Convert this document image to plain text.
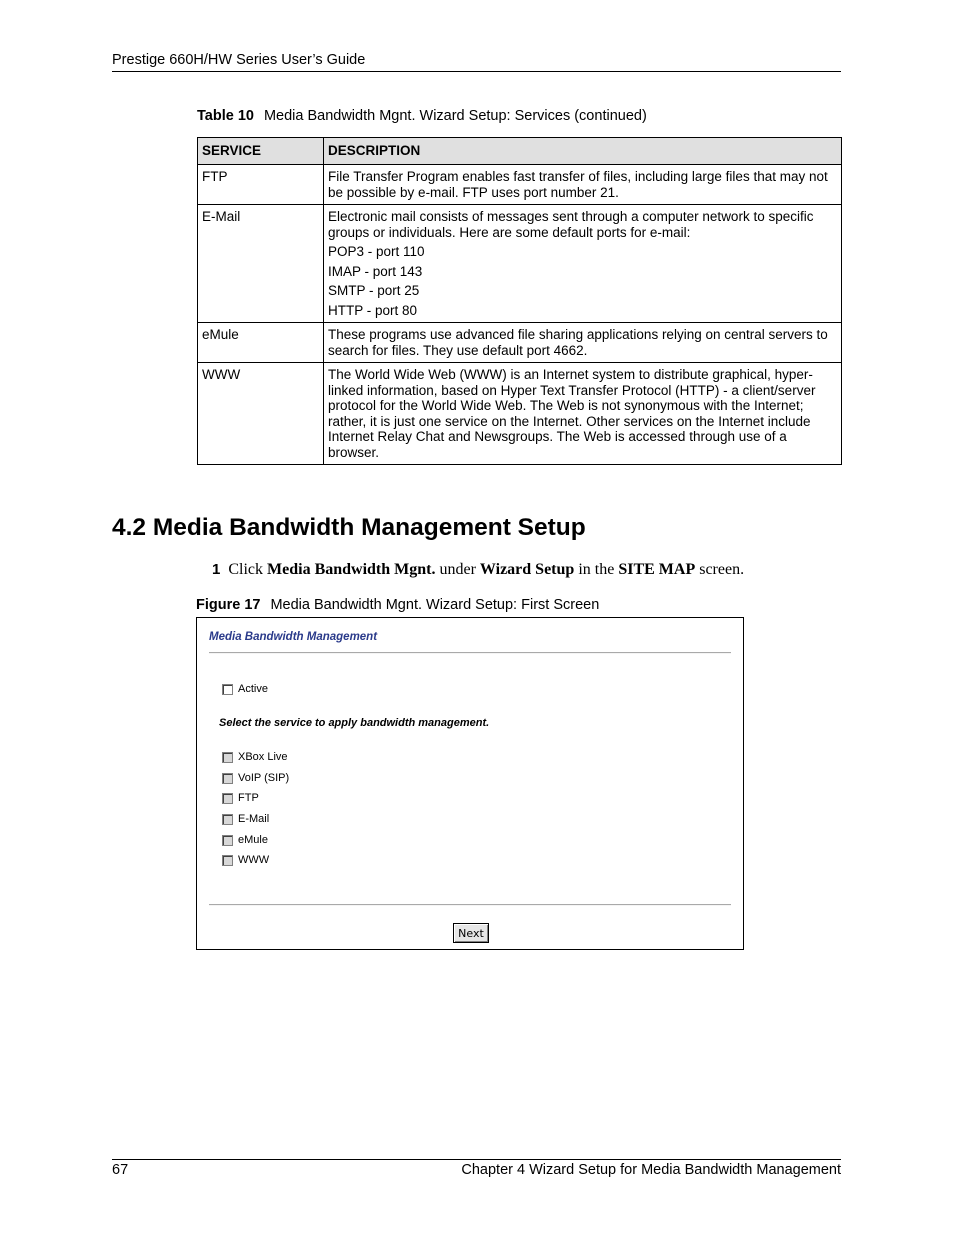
Prestige 660H/HW Series User’s Guide
Table 10 Media Bandwidth Mgnt. Wizard Setup: Services (continued)
SERVICE	DESCRIPTION
FTP	File Transfer Program enables fast transfer of files, including large files that may not be possible by e-mail. FTP uses port number 21.

E-Mail	Electronic mail consists of messages sent through a computer network to specific groups or individuals. Here are some default ports for e-mail:

POP3 - port 110

IMAP - port 143

SMTP - port 25

HTTP - port 80

eMule	These programs use advanced file sharing applications relying on central servers to search for files. They use default port 4662.

WWW	The World Wide Web (WWW) is an Internet system to distribute graphical, hyper-linked information, based on Hyper Text Transfer Protocol (HTTP) - a client/server protocol for the World Wide Web. The Web is not synonymous with the Internet; rather, it is just one service on the Internet. Other services on the Internet include Internet Relay Chat and Newsgroups. The Web is accessed through use of a browser.

4.2 Media Bandwidth Management Setup
1 Click Media Bandwidth Mgnt. under Wizard Setup in the SITE MAP screen.
Figure 17 Media Bandwidth Mgnt. Wizard Setup: First Screen
Media Bandwidth Management
Active
Select the service to apply bandwidth management.
XBox Live
VoIP (SIP)
FTP
E-Mail
eMule
WWW
Next
67	Chapter 4 Wizard Setup for Media Bandwidth Management
